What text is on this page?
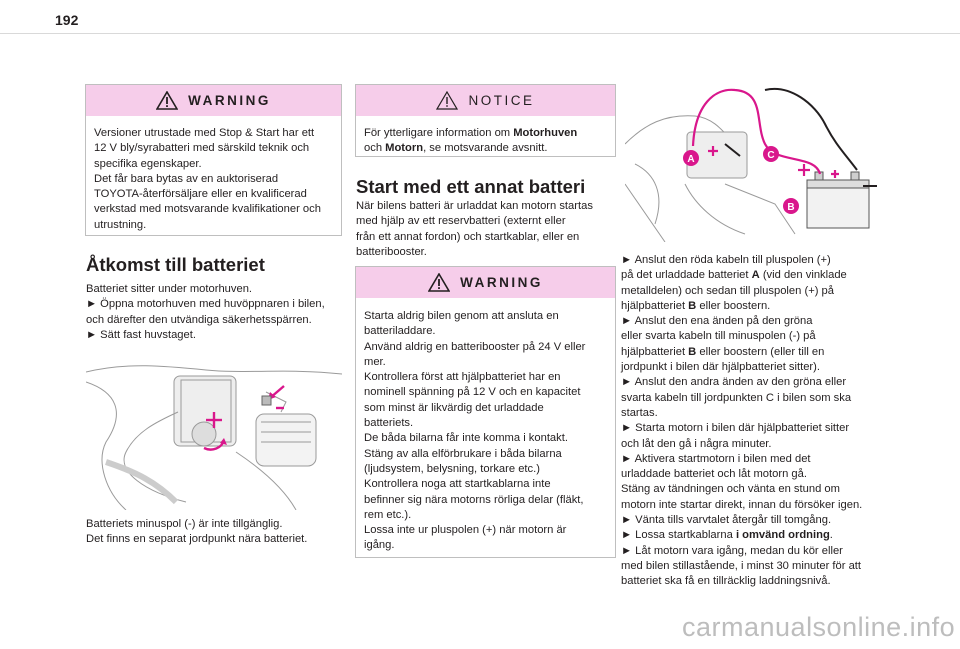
192
WARNING
Versioner utrustade med Stop & Start har ett
12 V bly/syrabatteri med särskild teknik och
specifika egenskaper.
Det får bara bytas av en auktoriserad
TOYOTA-återförsäljare eller en kvalificerad
verkstad med motsvarande kvalifikationer och
utrustning.
Åtkomst till batteriet

Batteriet sitter under motorhuven.

► Öppna motorhuven med huvöppnaren i bilen,

och därefter den utvändiga säkerhetsspärren.

► Sätt fast huvstaget.

Batteriets minuspol (-) är inte tillgänglig.

Det finns en separat jordpunkt nära batteriet.

NOTICE
För ytterligare information om Motorhuven
och Motorn, se motsvarande avsnitt.
Start med ett annat batteri

När bilens batteri är urladdat kan motorn startas

med hjälp av ett reservbatteri (externt eller

från ett annat fordon) och startkablar, eller en

batteribooster.

WARNING
Starta aldrig bilen genom att ansluta en
batteriladdare.
Använd aldrig en batteribooster på 24 V eller
mer.
Kontrollera först att hjälpbatteriet har en
nominell spänning på 12 V och en kapacitet
som minst är likvärdig det urladdade
batteriets.
De båda bilarna får inte komma i kontakt.
Stäng av alla elförbrukare i båda bilarna
(ljudsystem, belysning, torkare etc.)
Kontrollera noga att startkablarna inte
befinner sig nära motorns rörliga delar (fläkt,
rem etc.).
Lossa inte ur pluspolen (+) när motorn är
igång.
A	C
B

► Anslut den röda kabeln till pluspolen (+)

på det urladdade batteriet A (vid den vinklade

metalldelen) och sedan till pluspolen (+) på

hjälpbatteriet B eller boostern.

► Anslut den ena änden på den gröna

eller svarta kabeln till minuspolen (-) på

hjälpbatteriet B eller boostern (eller till en

jordpunkt i bilen där hjälpbatteriet sitter).

► Anslut den andra änden av den gröna eller

svarta kabeln till jordpunkten C i bilen som ska

startas.

► Starta motorn i bilen där hjälpbatteriet sitter

och låt den gå i några minuter.

► Aktivera startmotorn i bilen med det

urladdade batteriet och låt motorn gå.

Stäng av tändningen och vänta en stund om

motorn inte startar direkt, innan du försöker igen.

► Vänta tills varvtalet återgår till tomgång.

► Lossa startkablarna i omvänd ordning.

► Låt motorn vara igång, medan du kör eller

med bilen stillastående, i minst 30 minuter för att

batteriet ska få en tillräcklig laddningsnivå.

carmanualsonline.info
